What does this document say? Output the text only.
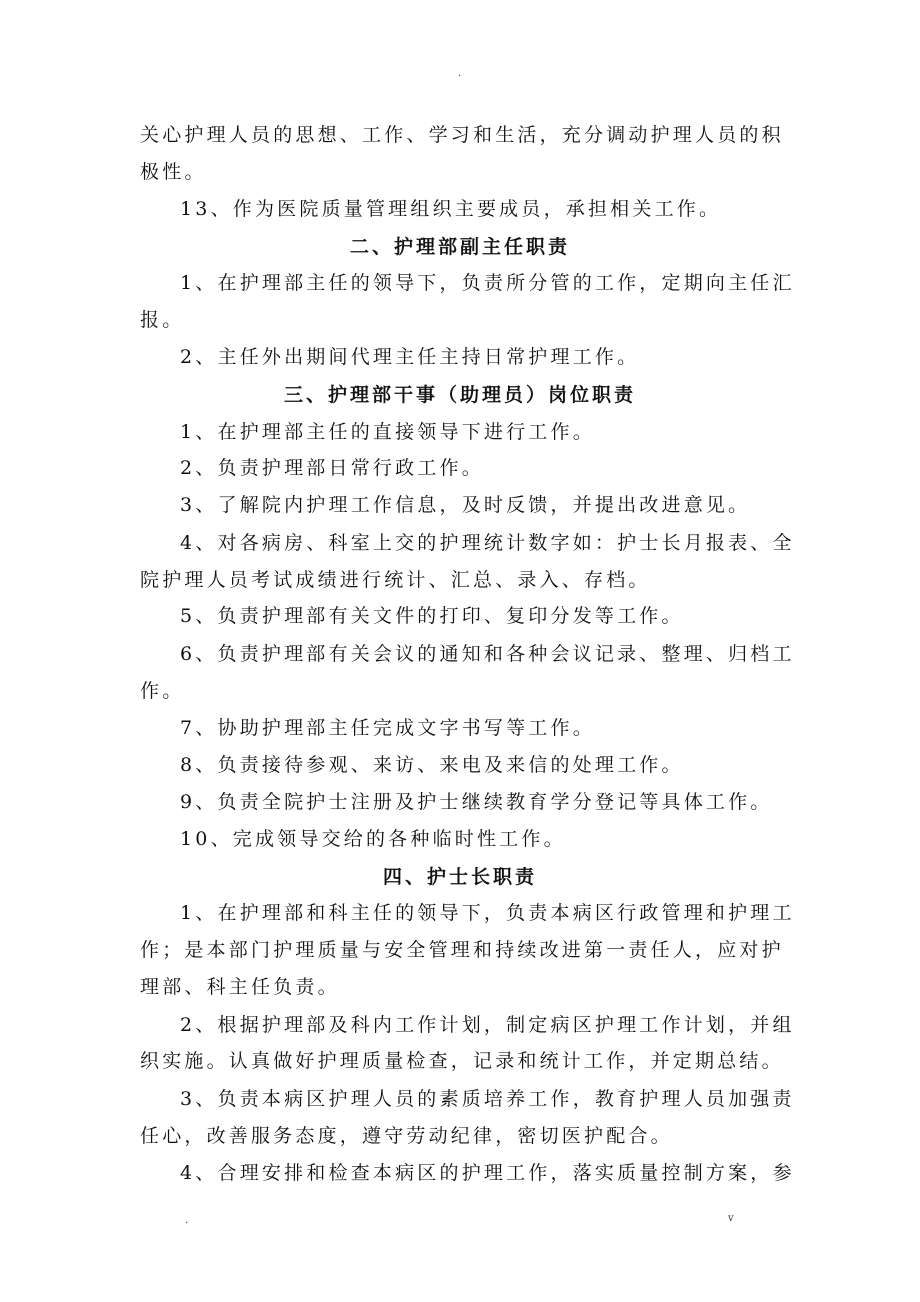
.

关心护理人员的思想、工作、学习和生活，充分调动护理人员的积

极性。

13、作为医院质量管理组织主要成员，承担相关工作。

二、护理部副主任职责

1、在护理部主任的领导下，负责所分管的工作，定期向主任汇

报。

2、主任外出期间代理主任主持日常护理工作。

三、护理部干事（助理员）岗位职责

1、在护理部主任的直接领导下进行工作。

2、负责护理部日常行政工作。

3、了解院内护理工作信息，及时反馈，并提出改进意见。

4、对各病房、科室上交的护理统计数字如：护士长月报表、全

院护理人员考试成绩进行统计、汇总、录入、存档。

5、负责护理部有关文件的打印、复印分发等工作。

6、负责护理部有关会议的通知和各种会议记录、整理、归档工

作。

7、协助护理部主任完成文字书写等工作。

8、负责接待参观、来访、来电及来信的处理工作。

9、负责全院护士注册及护士继续教育学分登记等具体工作。

10、完成领导交给的各种临时性工作。

四、护士长职责

1、在护理部和科主任的领导下，负责本病区行政管理和护理工

作；是本部门护理质量与安全管理和持续改进第一责任人，应对护

理部、科主任负责。

2、根据护理部及科内工作计划，制定病区护理工作计划，并组

织实施。认真做好护理质量检查，记录和统计工作，并定期总结。

3、负责本病区护理人员的素质培养工作，教育护理人员加强责

任心，改善服务态度，遵守劳动纪律，密切医护配合。

4、合理安排和检查本病区的护理工作，落实质量控制方案，参

.	v
